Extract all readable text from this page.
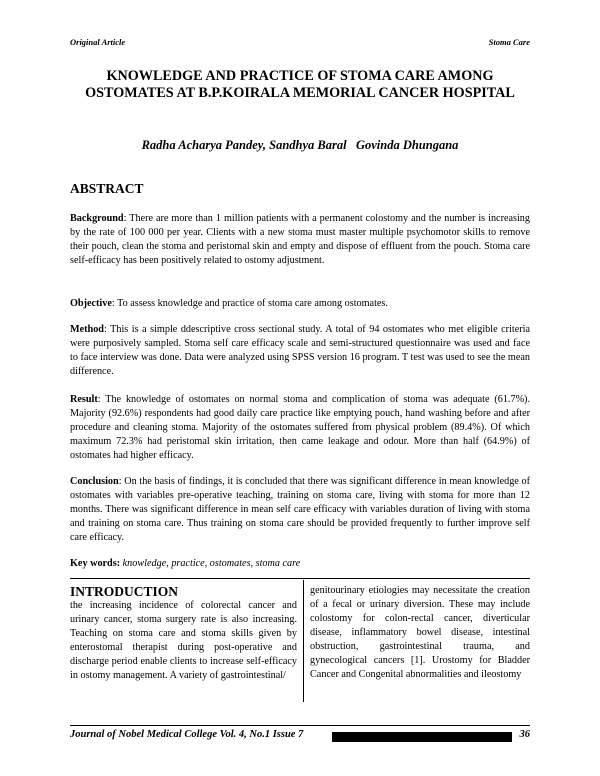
Original Article	Stoma Care
KNOWLEDGE AND PRACTICE OF STOMA CARE AMONG OSTOMATES AT B.P.KOIRALA MEMORIAL CANCER HOSPITAL
Radha Acharya Pandey, Sandhya Baral   Govinda Dhungana
ABSTRACT

Background: There are more than 1 million patients with a permanent colostomy and the number is increasing by the rate of 100 000 per year. Clients with a new stoma must master multiple psychomotor skills to remove their pouch, clean the stoma and peristomal skin and empty and dispose of effluent from the pouch. Stoma care self-efficacy has been positively related to ostomy adjustment.

Objective: To assess knowledge and practice of stoma care among ostomates.

Method: This is a simple ddescriptive cross sectional study. A total of 94 ostomates who met eligible criteria were purposively sampled. Stoma self care efficacy scale and semi-structured questionnaire was used and face to face interview was done. Data were analyzed using SPSS version 16 program. T test was used to see the mean difference.

Result: The knowledge of ostomates on normal stoma and complication of stoma was adequate (61.7%). Majority (92.6%) respondents had good daily care practice like emptying pouch, hand washing before and after procedure and cleaning stoma. Majority of the ostomates suffered from physical problem (89.4%). Of which maximum 72.3% had peristomal skin irritation, then came leakage and odour. More than half (64.9%) of ostomates had higher efficacy.

Conclusion: On the basis of findings, it is concluded that there was significant difference in mean knowledge of ostomates with variables pre-operative teaching, training on stoma care, living with stoma for more than 12 months. There was significant difference in mean self care efficacy with variables duration of living with stoma and training on stoma care. Thus training on stoma care should be provided frequently to further improve self care efficacy.

Key words: knowledge, practice, ostomates, stoma care

INTRODUCTION

the increasing incidence of colorectal cancer and urinary cancer, stoma surgery rate is also increasing. Teaching on stoma care and stoma skills given by enterostomal therapist during post-operative and discharge period enable clients to increase self-efficacy in ostomy management. A variety of gastrointestinal/

genitourinary etiologies may necessitate the creation of a fecal or urinary diversion. These may include colostomy for colon-rectal cancer, diverticular disease, inflammatory bowel disease, intestinal obstruction, gastrointestinal trauma, and gynecological cancers [1]. Urostomy for Bladder Cancer and Congenital abnormalities and ileostomy

Journal of Nobel Medical College Vol. 4, No.1 Issue 7	36
